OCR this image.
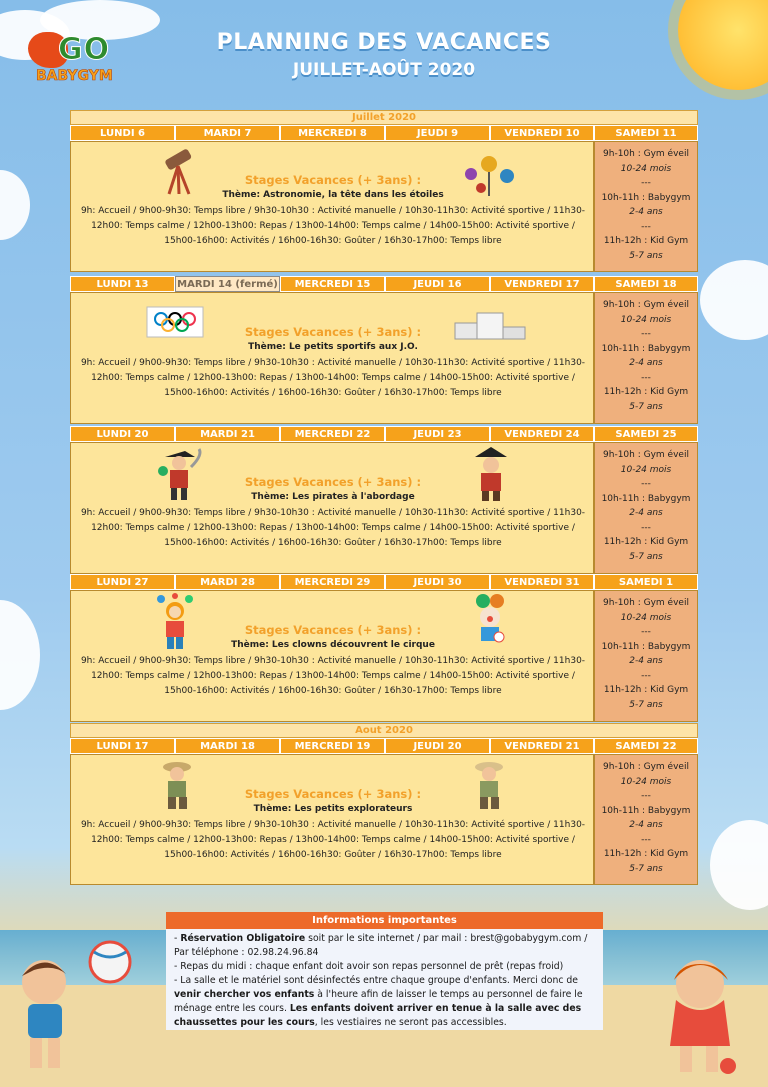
GO
BABYGYM
PLANNING DES VACANCES
JUILLET-AOÛT 2020
Juillet 2020
LUNDI 6	MARDI 7	MERCREDI 8	JEUDI 9	VENDREDI 10	SAMEDI 11
Stages Vacances (+ 3ans) :
Thème: Astronomie, la tête dans les étoiles
9h: Accueil / 9h00-9h30: Temps libre / 9h30-10h30 : Activité manuelle / 10h30-11h30: Activité sportive / 11h30-12h00: Temps calme / 12h00-13h00: Repas / 13h00-14h00: Temps calme / 14h00-15h00: Activité sportive / 15h00-16h00: Activités / 16h00-16h30: Goûter / 16h30-17h00: Temps libre
9h-10h : Gym éveil
10-24 mois
---
10h-11h : Babygym
2-4 ans
---
11h-12h : Kid Gym
5-7 ans
LUNDI 13	MARDI 14 (fermé)	MERCREDI 15	JEUDI 16	VENDREDI 17	SAMEDI 18
Stages Vacances (+ 3ans) :
Thème: Le petits sportifs aux J.O.
9h: Accueil / 9h00-9h30: Temps libre / 9h30-10h30 : Activité manuelle / 10h30-11h30: Activité sportive / 11h30-12h00: Temps calme / 12h00-13h00: Repas / 13h00-14h00: Temps calme / 14h00-15h00: Activité sportive / 15h00-16h00: Activités / 16h00-16h30: Goûter / 16h30-17h00: Temps libre
9h-10h : Gym éveil
10-24 mois
---
10h-11h : Babygym
2-4 ans
---
11h-12h : Kid Gym
5-7 ans
LUNDI 20	MARDI 21	MERCREDI 22	JEUDI 23	VENDREDI 24	SAMEDI 25
Stages Vacances (+ 3ans) :
Thème: Les pirates à l'abordage
9h: Accueil / 9h00-9h30: Temps libre / 9h30-10h30 : Activité manuelle / 10h30-11h30: Activité sportive / 11h30-12h00: Temps calme / 12h00-13h00: Repas / 13h00-14h00: Temps calme / 14h00-15h00: Activité sportive / 15h00-16h00: Activités / 16h00-16h30: Goûter / 16h30-17h00: Temps libre
9h-10h : Gym éveil
10-24 mois
---
10h-11h : Babygym
2-4 ans
---
11h-12h : Kid Gym
5-7 ans
LUNDI 27	MARDI 28	MERCREDI 29	JEUDI 30	VENDREDI 31	SAMEDI 1
Stages Vacances (+ 3ans) :
Thème: Les clowns découvrent le cirque
9h: Accueil / 9h00-9h30: Temps libre / 9h30-10h30 : Activité manuelle / 10h30-11h30: Activité sportive / 11h30-12h00: Temps calme / 12h00-13h00: Repas / 13h00-14h00: Temps calme / 14h00-15h00: Activité sportive / 15h00-16h00: Activités / 16h00-16h30: Goûter / 16h30-17h00: Temps libre
9h-10h : Gym éveil
10-24 mois
---
10h-11h : Babygym
2-4 ans
---
11h-12h : Kid Gym
5-7 ans
Aout 2020
LUNDI 17	MARDI 18	MERCREDI 19	JEUDI 20	VENDREDI 21	SAMEDI 22
Stages Vacances (+ 3ans) :
Thème: Les petits explorateurs
9h: Accueil / 9h00-9h30: Temps libre / 9h30-10h30 : Activité manuelle / 10h30-11h30: Activité sportive / 11h30-12h00: Temps calme / 12h00-13h00: Repas / 13h00-14h00: Temps calme / 14h00-15h00: Activité sportive / 15h00-16h00: Activités / 16h00-16h30: Goûter / 16h30-17h00: Temps libre
9h-10h : Gym éveil
10-24 mois
---
10h-11h : Babygym
2-4 ans
---
11h-12h : Kid Gym
5-7 ans
Informations importantes
- Réservation Obligatoire soit par le site internet / par mail : brest@gobabygym.com / Par téléphone : 02.98.24.96.84
- Repas du midi : chaque enfant doit avoir son repas personnel de prêt (repas froid)
- La salle et le matériel sont désinfectés entre chaque groupe d'enfants. Merci donc de venir chercher vos enfants à l'heure afin de laisser le temps au personnel de faire le ménage entre les cours. Les enfants doivent arriver en tenue à la salle avec des chaussettes pour les cours, les vestiaires ne seront pas accessibles.
